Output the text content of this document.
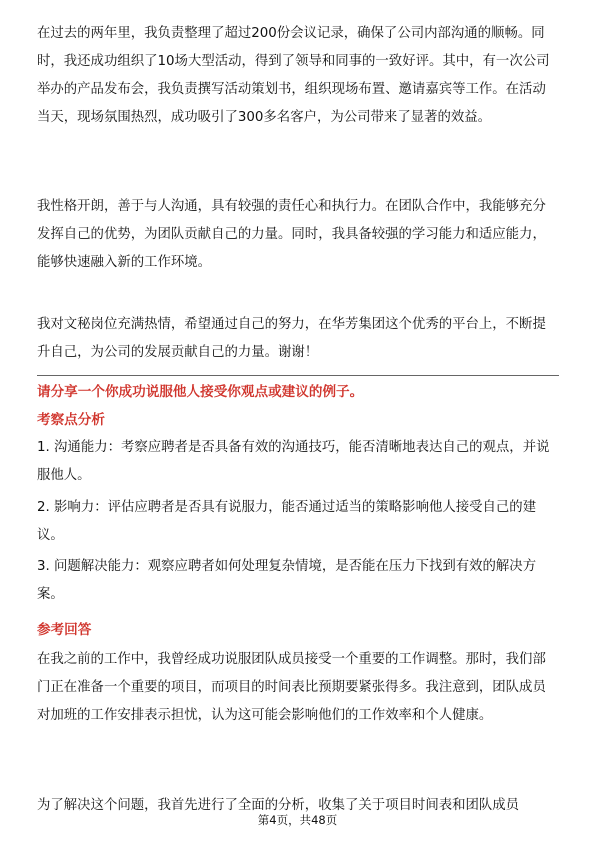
在过去的两年里，我负责整理了超过200份会议记录，确保了公司内部沟通的顺畅。同时，我还成功组织了10场大型活动，得到了领导和同事的一致好评。其中，有一次公司举办的产品发布会，我负责撰写活动策划书，组织现场布置、邀请嘉宾等工作。在活动当天，现场氛围热烈，成功吸引了300多名客户，为公司带来了显著的效益。

我性格开朗，善于与人沟通，具有较强的责任心和执行力。在团队合作中，我能够充分发挥自己的优势，为团队贡献自己的力量。同时，我具备较强的学习能力和适应能力，能够快速融入新的工作环境。

我对文秘岗位充满热情，希望通过自己的努力，在华芳集团这个优秀的平台上，不断提升自己，为公司的发展贡献自己的力量。谢谢！

请分享一个你成功说服他人接受你观点或建议的例子。

考察点分析

1. 沟通能力：考察应聘者是否具备有效的沟通技巧，能否清晰地表达自己的观点，并说服他人。

2. 影响力：评估应聘者是否具有说服力，能否通过适当的策略影响他人接受自己的建议。

3. 问题解决能力：观察应聘者如何处理复杂情境，是否能在压力下找到有效的解决方案。

参考回答

在我之前的工作中，我曾经成功说服团队成员接受一个重要的工作调整。那时，我们部门正在准备一个重要的项目，而项目的时间表比预期要紧张得多。我注意到，团队成员对加班的工作安排表示担忧，认为这可能会影响他们的工作效率和个人健康。

为了解决这个问题，我首先进行了全面的分析，收集了关于项目时间表和团队成员

第4页，共48页
